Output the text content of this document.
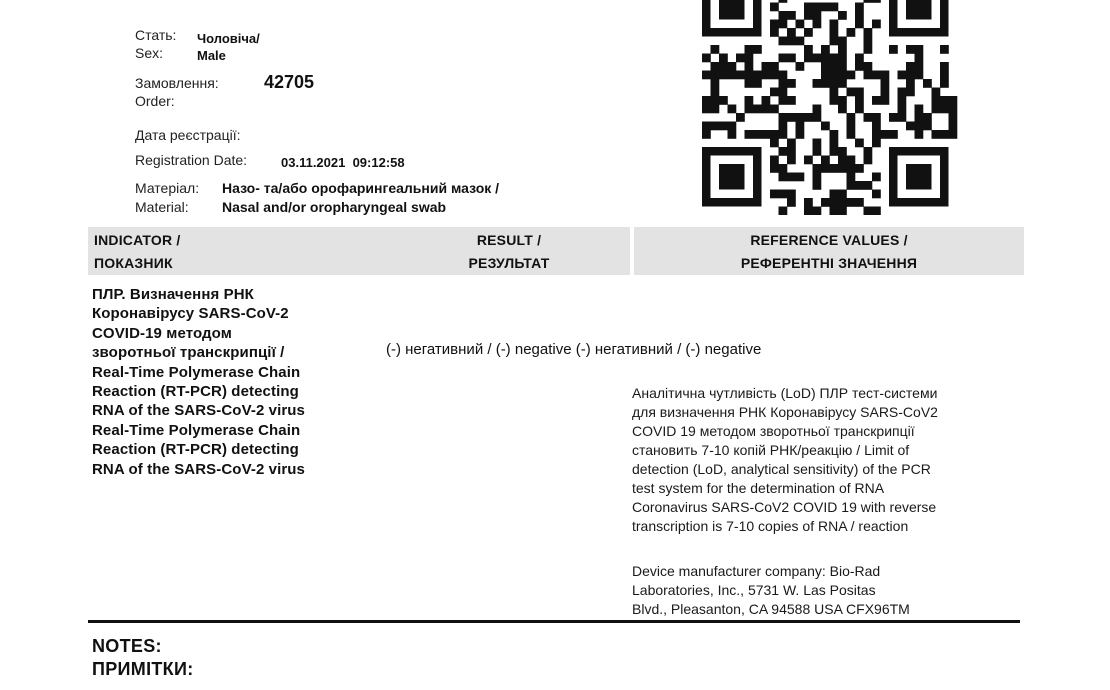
Стать:
Sex:
Чоловіча/
Male
Замовлення:
Order:
42705
Дата реєстрації:
Registration Date:	03.11.2021  09:12:58
Матеріал:
Material:
Назо- та/або орофарингеальний мазок /
Nasal and/or oropharyngeal swab
INDICATOR /
ПОКАЗНИК
RESULT /
РЕЗУЛЬТАТ
REFERENCE VALUES /
РЕФЕРЕНТНІ ЗНАЧЕННЯ
ПЛР. Визначення РНК
Коронавірусу SARS-CoV-2
COVID-19 методом
зворотньої транскрипції /
Real-Time Polymerase Chain
Reaction (RT-PCR) detecting
RNA of the SARS-CoV-2 virus
Real-Time Polymerase Chain
Reaction (RT-PCR) detecting
RNA of the SARS-CoV-2 virus
(-) негативний / (-) negative (-) негативний / (-) negative
Аналітична чутливість (LoD) ПЛР тест-системи
для визначення РНК Коронавірусу SARS-CoV2
COVID 19 методом зворотньої транскрипції
становить 7-10 копій РНК/реакцію / Limit of
detection (LoD, analytical sensitivity) of the PCR
test system for the determination of RNA
Coronavirus SARS-CoV2 COVID 19 with reverse
transcription is 7-10 copies of RNA / reaction
Device manufacturer company: Bio-Rad
Laboratories, Inc., 5731 W. Las Positas
Blvd., Pleasanton, CA 94588 USA CFX96TM
NOTES:
ПРИМІТКИ:
